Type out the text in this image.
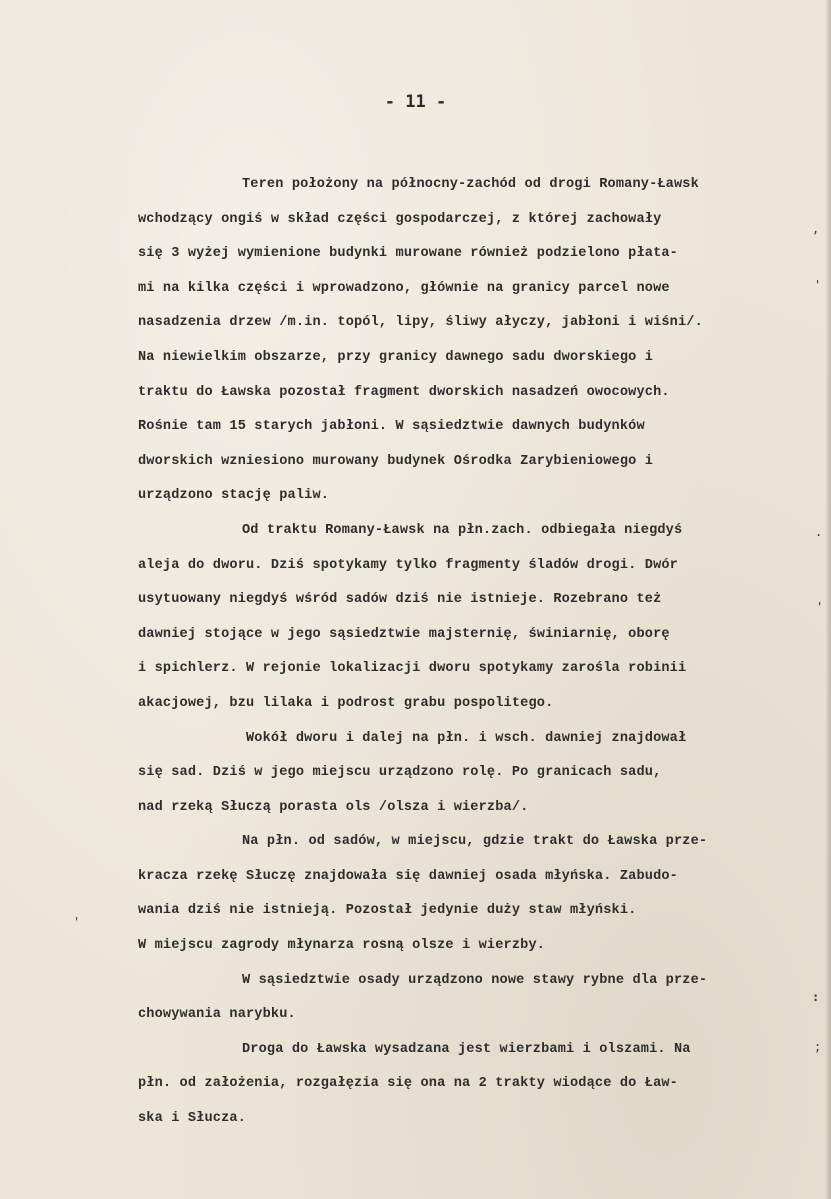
- 11 -
Teren położony na północny-zachód od drogi Romany-Ławsk
wchodzący ongiś w skład części gospodarczej, z której zachowały
się 3 wyżej wymienione budynki murowane również podzielono płata-
mi na kilka części i wprowadzono, głównie na granicy parcel nowe
nasadzenia drzew /m.in. topól, lipy, śliwy ałyczy, jabłoni i wiśni/.
Na niewielkim obszarze, przy granicy dawnego sadu dworskiego i
traktu do Ławska pozostał fragment dworskich nasadzeń owocowych.
Rośnie tam 15 starych jabłoni. W sąsiedztwie dawnych budynków
dworskich wzniesiono murowany budynek Ośrodka Zarybieniowego i
urządzono stację paliw.
Od traktu Romany-Ławsk na płn.zach. odbiegała niegdyś
aleja do dworu. Dziś spotykamy tylko fragmenty śladów drogi. Dwór
usytuowany niegdyś wśród sadów dziś nie istnieje. Rozebrano też
dawniej stojące w jego sąsiedztwie majsternię, świniarnię, oborę
i spichlerz. W rejonie lokalizacji dworu spotykamy zarośla robinii
akacjowej, bzu lilaka i podrost grabu pospolitego.
Wokół dworu i dalej na płn. i wsch. dawniej znajdował
się sad. Dziś w jego miejscu urządzono rolę. Po granicach sadu,
nad rzeką Słuczą porasta ols /olsza i wierzba/.
Na płn. od sadów, w miejscu, gdzie trakt do Ławska prze-
kracza rzekę Słuczę znajdowała się dawniej osada młyńska. Zabudo-
wania dziś nie istnieją. Pozostał jedynie duży staw młyński.
W miejscu zagrody młynarza rosną olsze i wierzby.
W sąsiedztwie osady urządzono nowe stawy rybne dla prze-
chowywania narybku.
Droga do Ławska wysadzana jest wierzbami i olszami. Na
płn. od założenia, rozgałęzia się ona na 2 trakty wiodące do Ław-
ska i Słucza.
,
'
.
'
'
:
;
